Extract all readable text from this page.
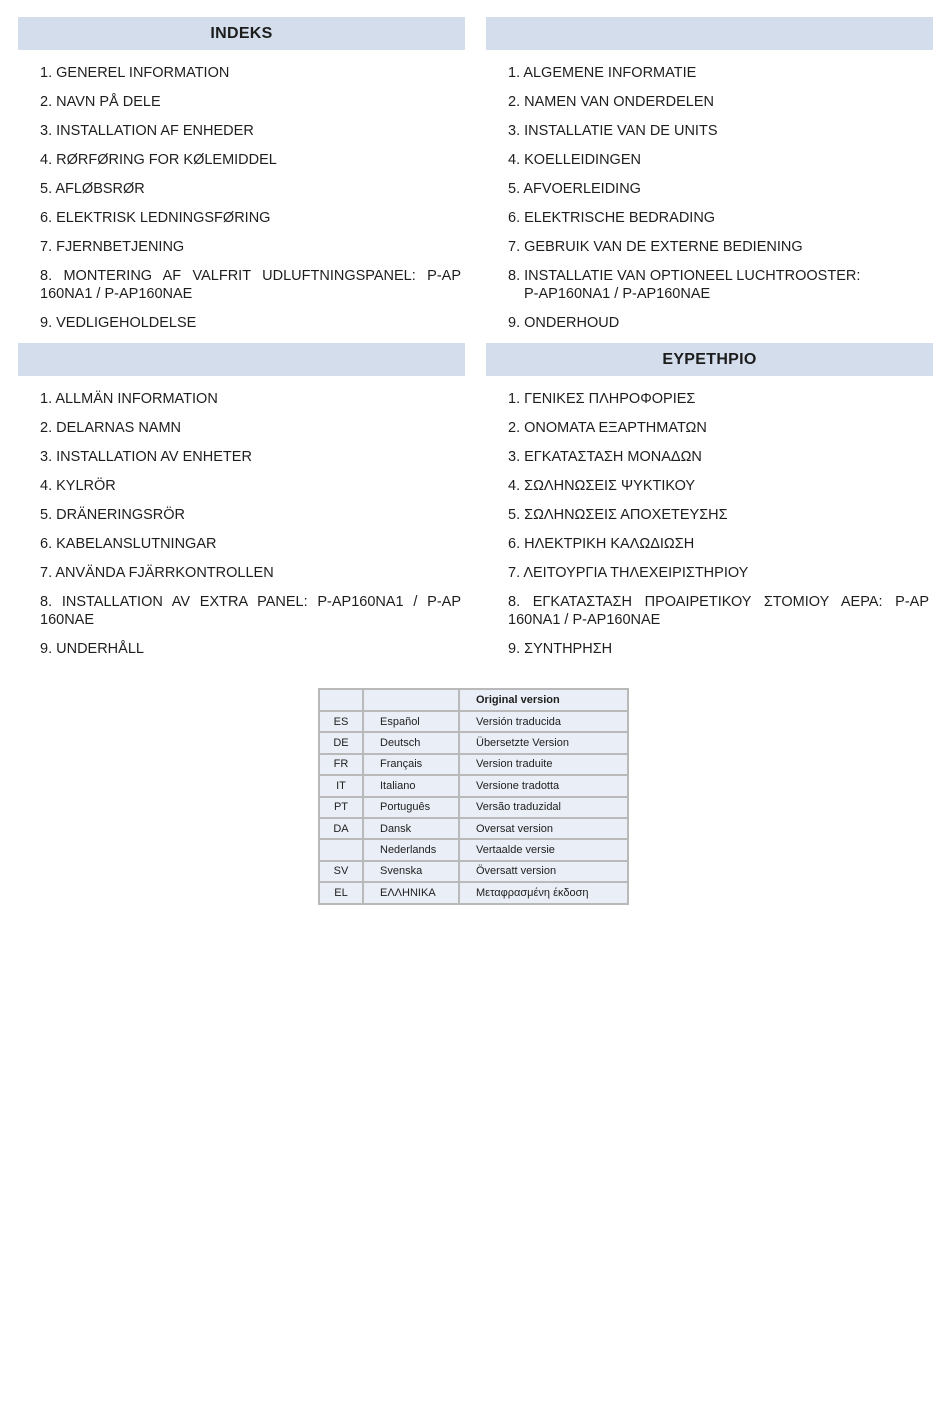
INDEKS
1. GENEREL INFORMATION
2. NAVN PÅ DELE
3. INSTALLATION AF ENHEDER
4. RØRFØRING FOR KØLEMIDDEL
5. AFLØBSRØR
6. ELEKTRISK LEDNINGSFØRING
7. FJERNBETJENING
8. MONTERING AF VALFRIT UDLUFTNINGSPANEL: P-AP 160NA1 / P-AP160NAE
9. VEDLIGEHOLDELSE
1. ALGEMENE INFORMATIE
2. NAMEN VAN ONDERDELEN
3. INSTALLATIE VAN DE UNITS
4. KOELLEIDINGEN
5. AFVOERLEIDING
6. ELEKTRISCHE BEDRADING
7. GEBRUIK VAN DE EXTERNE BEDIENING
8. INSTALLATIE VAN OPTIONEEL LUCHTROOSTER:
P-AP160NA1 / P-AP160NAE
9. ONDERHOUD
1. ALLMÄN INFORMATION
2. DELARNAS NAMN
3. INSTALLATION AV ENHETER
4. KYLRÖR
5. DRÄNERINGSRÖR
6. KABELANSLUTNINGAR
7. ANVÄNDA FJÄRRKONTROLLEN
8. INSTALLATION AV EXTRA PANEL: P-AP160NA1 / P-AP 160NAE
9. UNDERHÅLL
ΕΥΡΕΤΗΡΙΟ
1. ΓΕΝΙΚΕΣ ΠΛΗΡΟΦΟΡΙΕΣ
2. ΟΝΟΜΑΤΑ ΕΞΑΡΤΗΜΑΤΩΝ
3. ΕΓΚΑΤΑΣΤΑΣΗ ΜΟΝΑΔΩΝ
4. ΣΩΛΗΝΩΣΕΙΣ ΨΥΚΤΙΚΟΥ
5. ΣΩΛΗΝΩΣΕΙΣ ΑΠΟΧΕΤΕΥΣΗΣ
6. ΗΛΕΚΤΡΙΚΗ ΚΑΛΩΔΙΩΣΗ
7. ΛΕΙΤΟΥΡΓΙΑ ΤΗΛΕΧΕΙΡΙΣΤΗΡΙΟΥ
8. ΕΓΚΑΤΑΣΤΑΣΗ ΠΡΟΑΙΡΕΤΙΚΟΥ ΣΤΟΜΙΟΥ ΑΕΡΑ: P-AP 160NA1 / P-AP160NAE
9. ΣΥΝΤΗΡΗΣΗ
		Original version
ES	Español	Versión traducida
DE	Deutsch	Übersetzte Version
FR	Français	Version traduite
IT	Italiano	Versione tradotta
PT	Português	Versão traduzidal
DA	Dansk	Oversat version
	Nederlands	Vertaalde versie
SV	Svenska	Översatt version
EL	ΕΛΛΗΝΙΚΑ	Μεταφρασμένη έκδοση
